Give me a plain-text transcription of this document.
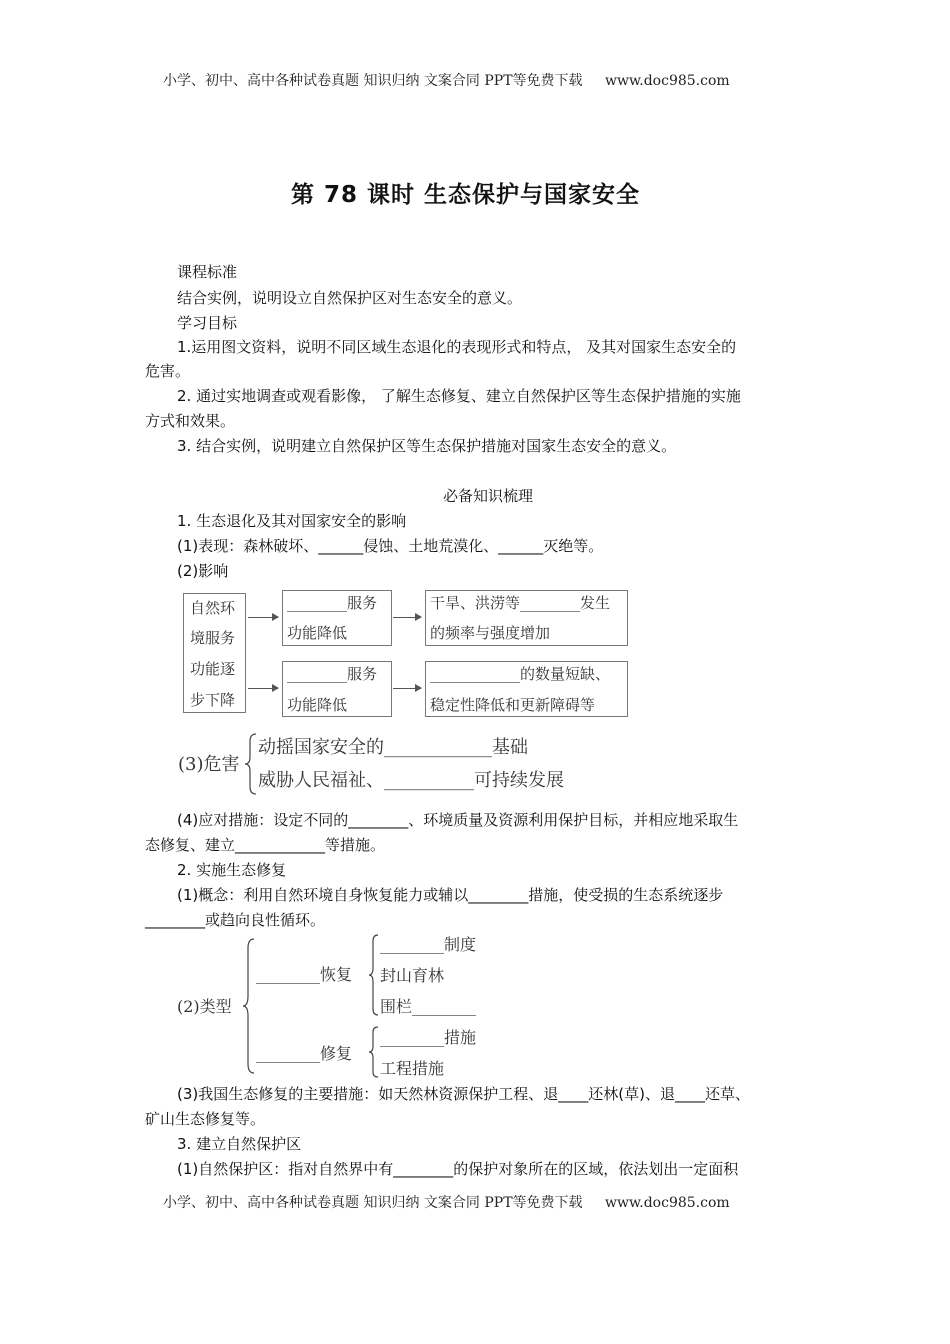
小学、初中、高中各种试卷真题 知识归纳 文案合同 PPT等免费下载 www.doc985.com
第 78 课时 生态保护与国家安全
课程标准
结合实例，说明设立自然保护区对生态安全的意义。
学习目标
1.运用图文资料，说明不同区域生态退化的表现形式和特点， 及其对国家生态安全的
危害。
2. 通过实地调查或观看影像， 了解生态修复、建立自然保护区等生态保护措施的实施
方式和效果。
3. 结合实例，说明建立自然保护区等生态保护措施对国家生态安全的意义。
必备知识梳理
1. 生态退化及其对国家安全的影响
(1)表现：森林破坏、______侵蚀、土地荒漠化、______灭绝等。
(2)影响
自然环
境服务
功能逐
步下降
________服务
功能降低
干旱、洪涝等________发生
的频率与强度增加
________服务
功能降低
____________的数量短缺、
稳定性降低和更新障碍等
(3)危害
动摇国家安全的____________基础
威胁人民福祉、__________可持续发展
(4)应对措施：设定不同的________、环境质量及资源利用保护目标，并相应地采取生
态修复、建立____________等措施。
2. 实施生态修复
(1)概念：利用自然环境自身恢复能力或辅以________措施，使受损的生态系统逐步
________或趋向良性循环。
(2)类型
________恢复
________制度
封山育林
围栏________
________修复
________措施
工程措施
(3)我国生态修复的主要措施：如天然林资源保护工程、退____还林(草)、退____还草、
矿山生态修复等。
3. 建立自然保护区
(1)自然保护区：指对自然界中有________的保护对象所在的区域，依法划出一定面积
小学、初中、高中各种试卷真题 知识归纳 文案合同 PPT等免费下载 www.doc985.com
